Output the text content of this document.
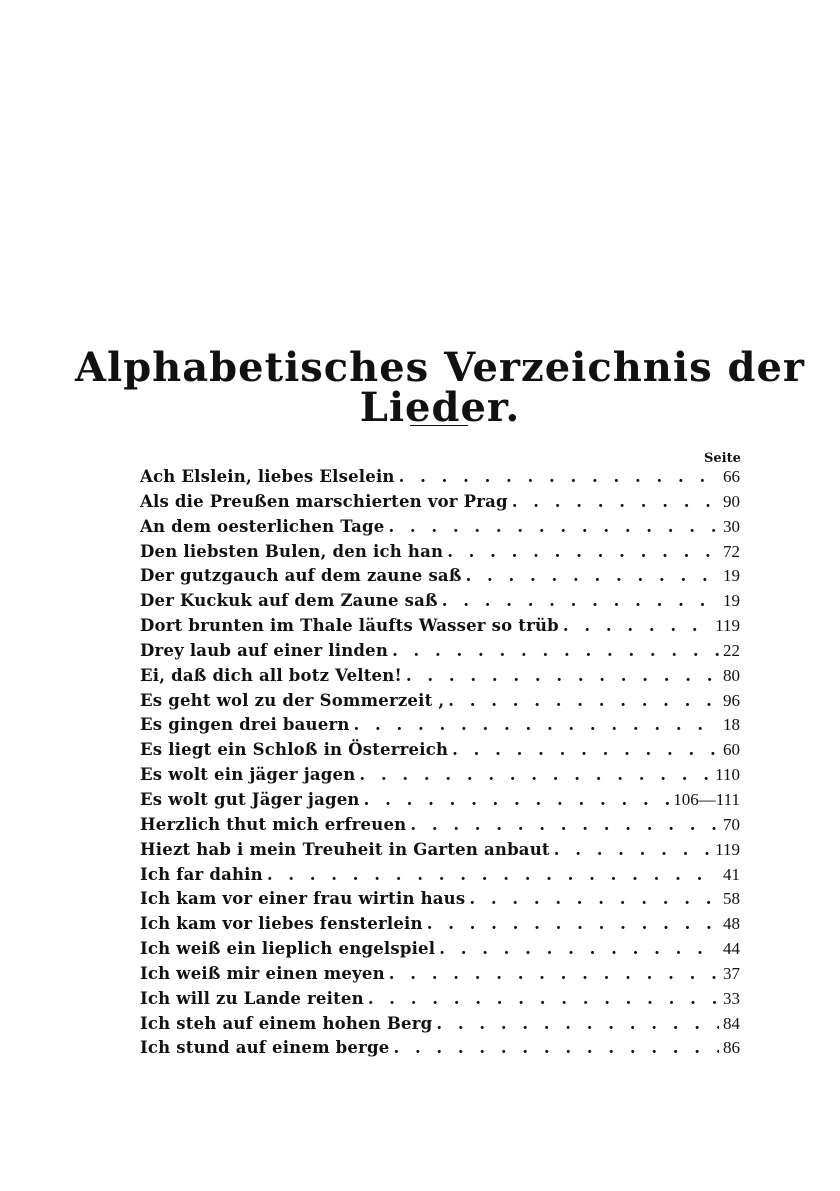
Alphabetisches Verzeichnis der Lieder.
Seite
Ach Elslein, liebes Elselein . . .	66
Als die Preußen marschierten vor Prag . . .	90
An dem oesterlichen Tage . . .	30
Den liebsten Bulen, den ich han . . .	72
Der gutzgauch auf dem zaune saß . . .	19
Der Kuckuk auf dem Zaune saß . . .	19
Dort brunten im Thale läufts Wasser so trüb . . .	119
Drey laub auf einer linden . . .	22
Ei, daß dich all botz Velten! . . .	80
Es geht wol zu der Sommerzeit , . . .	96
Es gingen drei bauern . . .	18
Es liegt ein Schloß in Österreich . . .	60
Es wolt ein jäger jagen . . .	110
Es wolt gut Jäger jagen . . .	106—111
Herzlich thut mich erfreuen . . .	70
Hiezt hab i mein Treuheit in Garten anbaut . . .	119
Ich far dahin . . .	41
Ich kam vor einer frau wirtin haus . . .	58
Ich kam vor liebes fensterlein . . .	48
Ich weiß ein lieplich engelspiel . . .	44
Ich weiß mir einen meyen . . .	37
Ich will zu Lande reiten . . .	33
Ich steh auf einem hohen Berg . . .	84
Ich stund auf einem berge . . .	86
